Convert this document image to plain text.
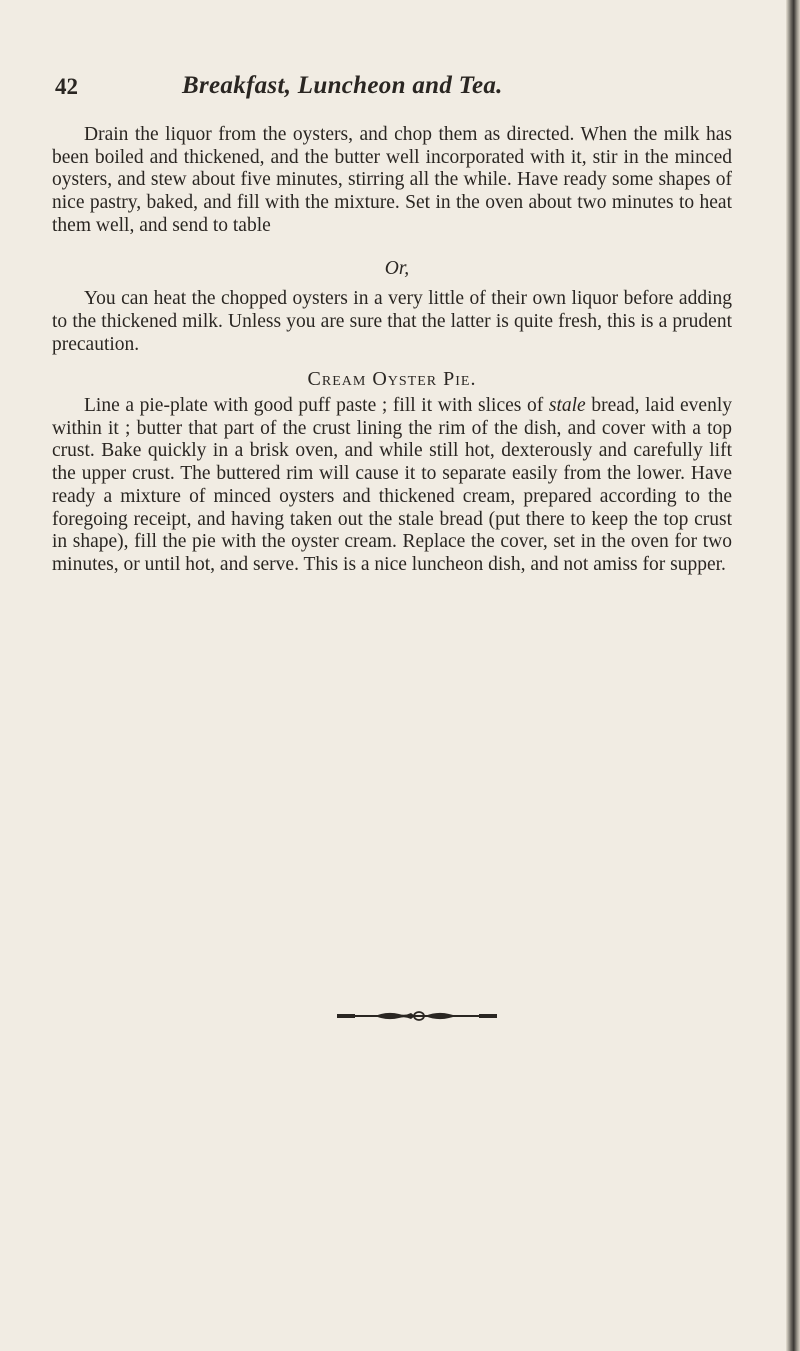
42	Breakfast, Luncheon and Tea.

Drain the liquor from the oysters, and chop them as directed. When the milk has been boiled and thickened, and the butter well incorporated with it, stir in the minced oysters, and stew about five minutes, stirring all the while. Have ready some shapes of nice pastry, baked, and fill with the mixture. Set in the oven about two minutes to heat them well, and send to table

Or,

You can heat the chopped oysters in a very little of their own liquor before adding to the thickened milk. Unless you are sure that the latter is quite fresh, this is a prudent precaution.

Cream Oyster Pie.

Line a pie-plate with good puff paste ; fill it with slices of stale bread, laid evenly within it ; butter that part of the crust lining the rim of the dish, and cover with a top crust. Bake quickly in a brisk oven, and while still hot, dexterously and carefully lift the upper crust. The buttered rim will cause it to separate easily from the lower. Have ready a mixture of minced oysters and thickened cream, prepared according to the foregoing receipt, and having taken out the stale bread (put there to keep the top crust in shape), fill the pie with the oyster cream. Replace the cover, set in the oven for two minutes, or until hot, and serve. This is a nice luncheon dish, and not amiss for supper.
